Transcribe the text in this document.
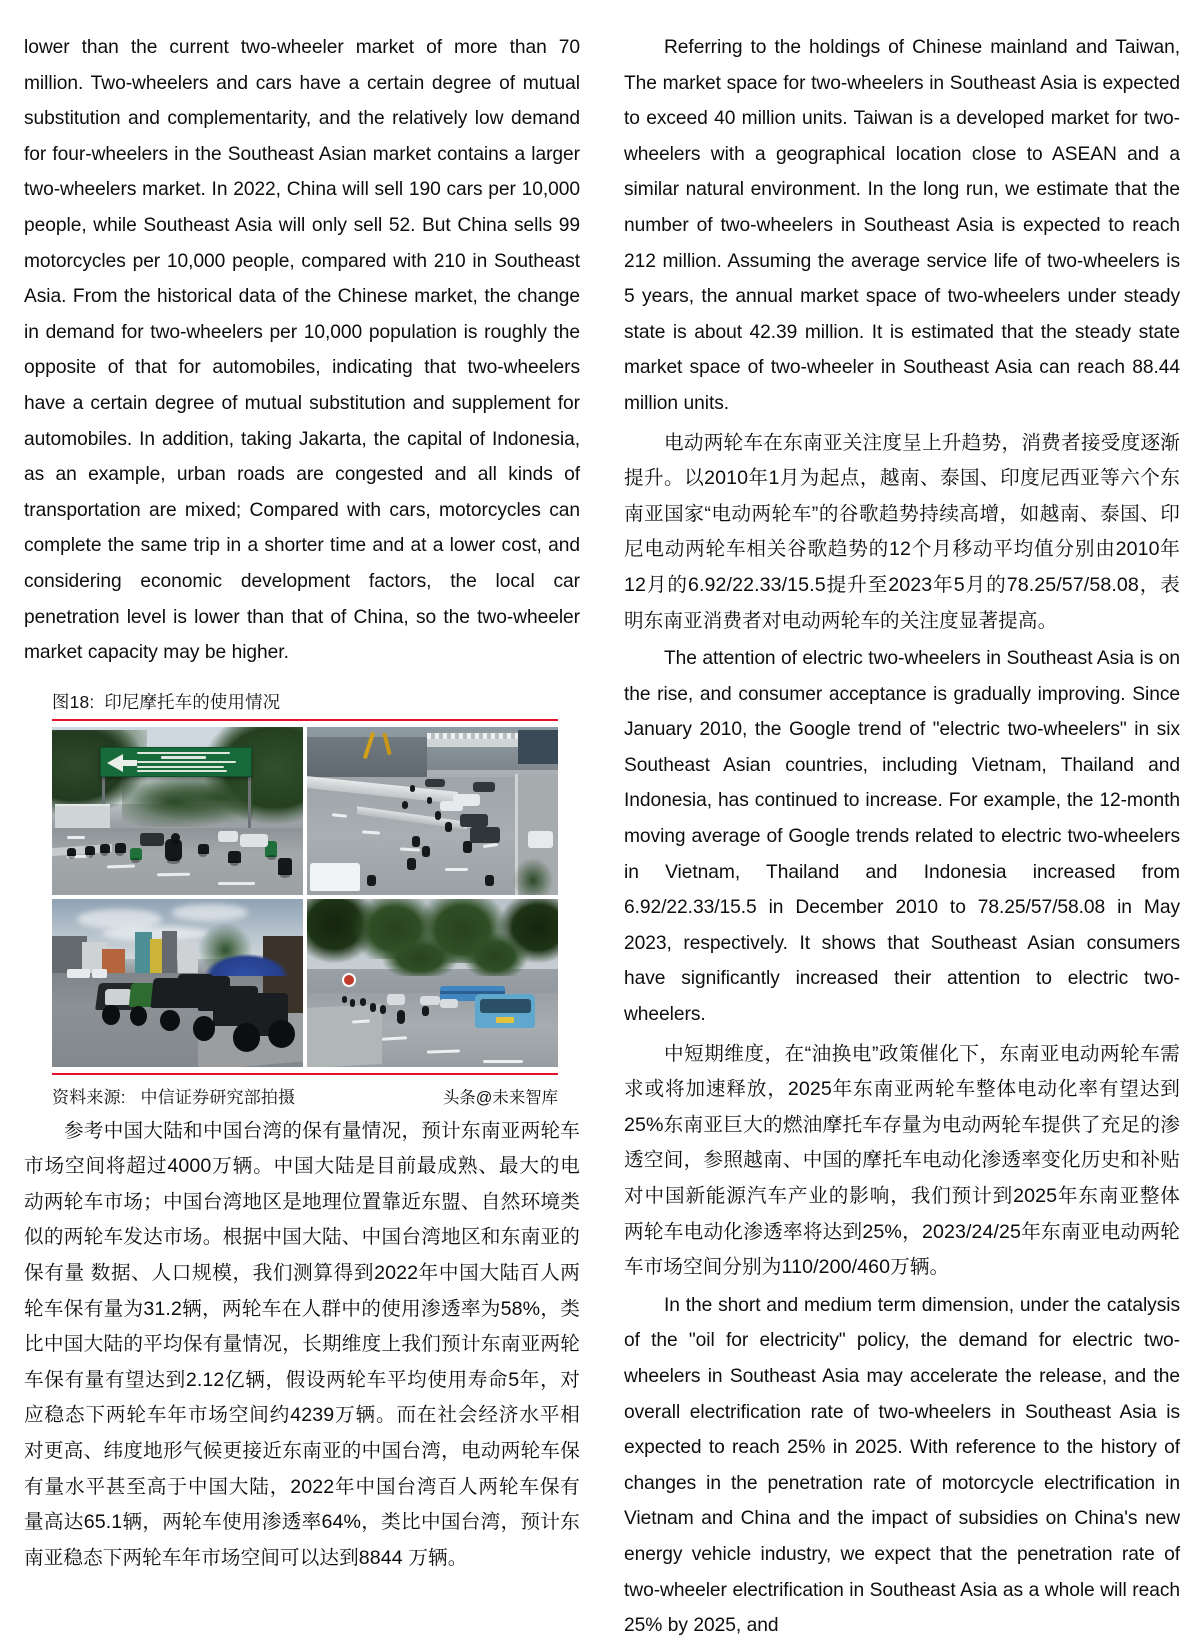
lower than the current two-wheeler market of more than 70 million. Two-wheelers and cars have a certain degree of mutual substitution and complementarity, and the relatively low demand for four-wheelers in the Southeast Asian market contains a larger two-wheelers market. In 2022, China will sell 190 cars per 10,000 people, while Southeast Asia will only sell 52. But China sells 99 motorcycles per 10,000 people, compared with 210 in Southeast Asia. From the historical data of the Chinese market, the change in demand for two-wheelers per 10,000 population is roughly the opposite of that for automobiles, indicating that two-wheelers have a certain degree of mutual substitution and supplement for automobiles. In addition, taking Jakarta, the capital of Indonesia, as an example, urban roads are congested and all kinds of transportation are mixed; Compared with cars, motorcycles can complete the same trip in a shorter time and at a lower cost, and considering economic development factors, the local car penetration level is lower than that of China, so the two-wheeler market capacity may be higher.

图18: 印尼摩托车的使用情况
资料来源: 中信证券研究部拍摄	头条@未来智库

参考中国大陆和中国台湾的保有量情况，预计东南亚两轮车市场空间将超过4000万辆。中国大陆是目前最成熟、最大的电动两轮车市场；中国台湾地区是地理位置靠近东盟、自然环境类似的两轮车发达市场。根据中国大陆、中国台湾地区和东南亚的保有量 数据、人口规模，我们测算得到2022年中国大陆百人两轮车保有量为31.2辆，两轮车在人群中的使用渗透率为58%，类比中国大陆的平均保有量情况，长期维度上我们预计东南亚两轮车保有量有望达到2.12亿辆，假设两轮车平均使用寿命5年，对应稳态下两轮车年市场空间约4239万辆。而在社会经济水平相对更高、纬度地形气候更接近东南亚的中国台湾，电动两轮车保有量水平甚至高于中国大陆，2022年中国台湾百人两轮车保有量高达65.1辆，两轮车使用渗透率64%，类比中国台湾，预计东南亚稳态下两轮车年市场空间可以达到8844 万辆。

Referring to the holdings of Chinese mainland and Taiwan, The market space for two-wheelers in Southeast Asia is expected to exceed 40 million units. Taiwan is a developed market for two-wheelers with a geographical location close to ASEAN and a similar natural environment. In the long run, we estimate that the number of two-wheelers in Southeast Asia is expected to reach 212 million. Assuming the average service life of two-wheelers is 5 years, the annual market space of two-wheelers under steady state is about 42.39 million. It is estimated that the steady state market space of two-wheeler in Southeast Asia can reach 88.44 million units.

电动两轮车在东南亚关注度呈上升趋势，消费者接受度逐渐提升。以2010年1月为起点，越南、泰国、印度尼西亚等六个东南亚国家“电动两轮车”的谷歌趋势持续高增，如越南、泰国、印尼电动两轮车相关谷歌趋势的12个月移动平均值分别由2010年12月的6.92/22.33/15.5提升至2023年5月的78.25/57/58.08，表明东南亚消费者对电动两轮车的关注度显著提高。

The attention of electric two-wheelers in Southeast Asia is on the rise, and consumer acceptance is gradually improving. Since January 2010, the Google trend of "electric two-wheelers" in six Southeast Asian countries, including Vietnam, Thailand and Indonesia, has continued to increase. For example, the 12-month moving average of Google trends related to electric two-wheelers in Vietnam, Thailand and Indonesia increased from 6.92/22.33/15.5 in December 2010 to 78.25/57/58.08 in May 2023, respectively. It shows that Southeast Asian consumers have significantly increased their attention to electric two-wheelers.

中短期维度，在“油换电”政策催化下，东南亚电动两轮车需求或将加速释放，2025年东南亚两轮车整体电动化率有望达到25%东南亚巨大的燃油摩托车存量为电动两轮车提供了充足的渗透空间，参照越南、中国的摩托车电动化渗透率变化历史和补贴 对中国新能源汽车产业的影响，我们预计到2025年东南亚整体两轮车电动化渗透率将达到25%，2023/24/25年东南亚电动两轮车市场空间分别为110/200/460万辆。

In the short and medium term dimension, under the catalysis of the "oil for electricity" policy, the demand for electric two-wheelers in Southeast Asia may accelerate the release, and the overall electrification rate of two-wheelers in Southeast Asia is expected to reach 25% in 2025. With reference to the history of changes in the penetration rate of motorcycle electrification in Vietnam and China and the impact of subsidies on China's new energy vehicle industry, we expect that the penetration rate of two-wheeler electrification in Southeast Asia as a whole will reach 25% by 2025, and
